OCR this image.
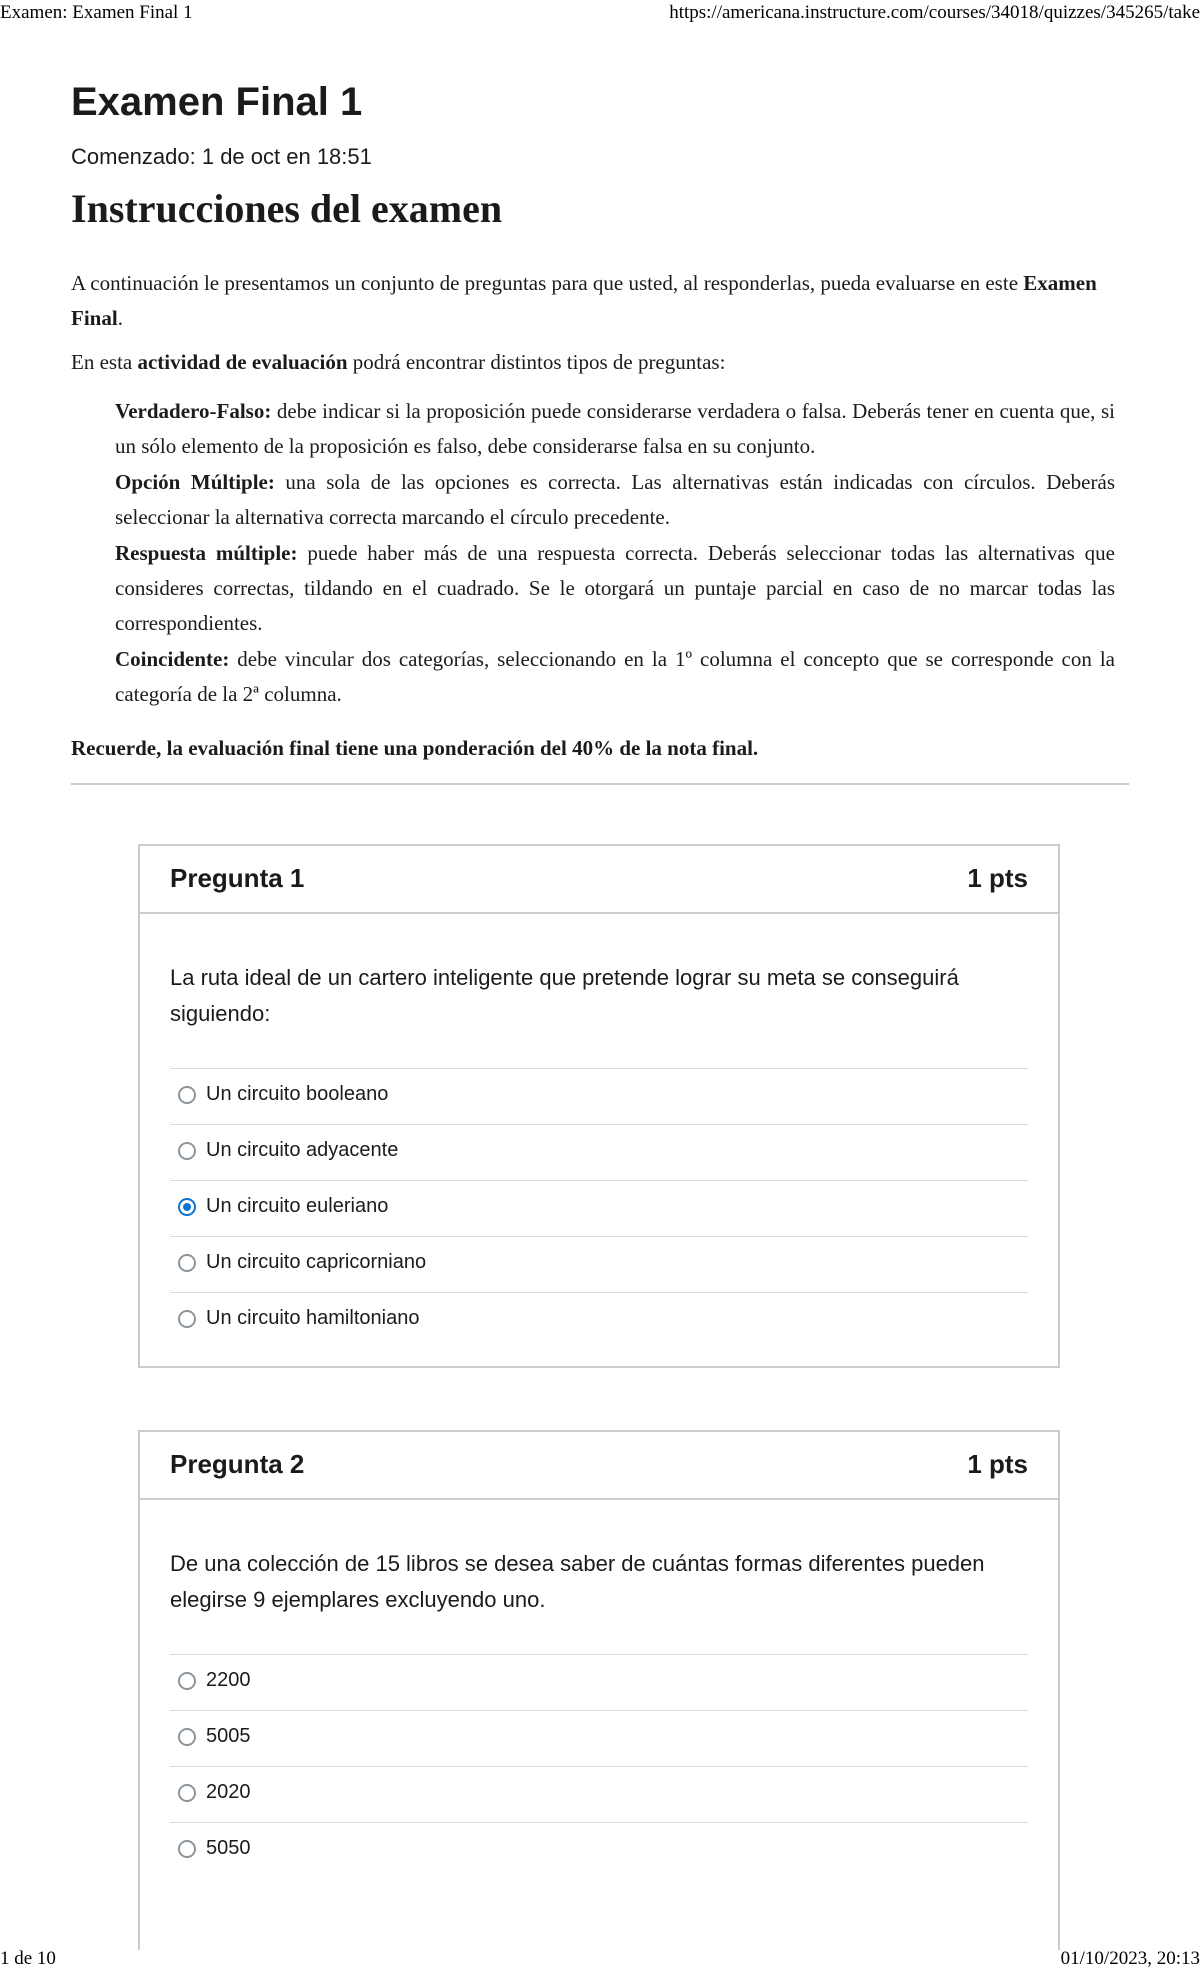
Examen: Examen Final 1	https://americana.instructure.com/courses/34018/quizzes/345265/take
Examen Final 1
Comenzado: 1 de oct en 18:51
Instrucciones del examen
A continuación le presentamos un conjunto de preguntas para que usted, al responderlas, pueda evaluarse en este Examen Final.
En esta actividad de evaluación podrá encontrar distintos tipos de preguntas:
Verdadero-Falso: debe indicar si la proposición puede considerarse verdadera o falsa. Deberás tener en cuenta que, si un sólo elemento de la proposición es falso, debe considerarse falsa en su conjunto.
Opción Múltiple: una sola de las opciones es correcta. Las alternativas están indicadas con círculos. Deberás seleccionar la alternativa correcta marcando el círculo precedente.
Respuesta múltiple: puede haber más de una respuesta correcta. Deberás seleccionar todas las alternativas que consideres correctas, tildando en el cuadrado. Se le otorgará un puntaje parcial en caso de no marcar todas las correspondientes.
Coincidente: debe vincular dos categorías, seleccionando en la 1º columna el concepto que se corresponde con la categoría de la 2ª columna.
Recuerde, la evaluación final tiene una ponderación del 40% de la nota final.
Pregunta 1	1 pts
La ruta ideal de un cartero inteligente que pretende lograr su meta se conseguirá siguiendo:
Un circuito booleano
Un circuito adyacente
Un circuito euleriano
Un circuito capricorniano
Un circuito hamiltoniano
Pregunta 2	1 pts
De una colección de 15 libros se desea saber de cuántas formas diferentes pueden elegirse 9 ejemplares excluyendo uno.
2200
5005
2020
5050
1 de 10	01/10/2023, 20:13
